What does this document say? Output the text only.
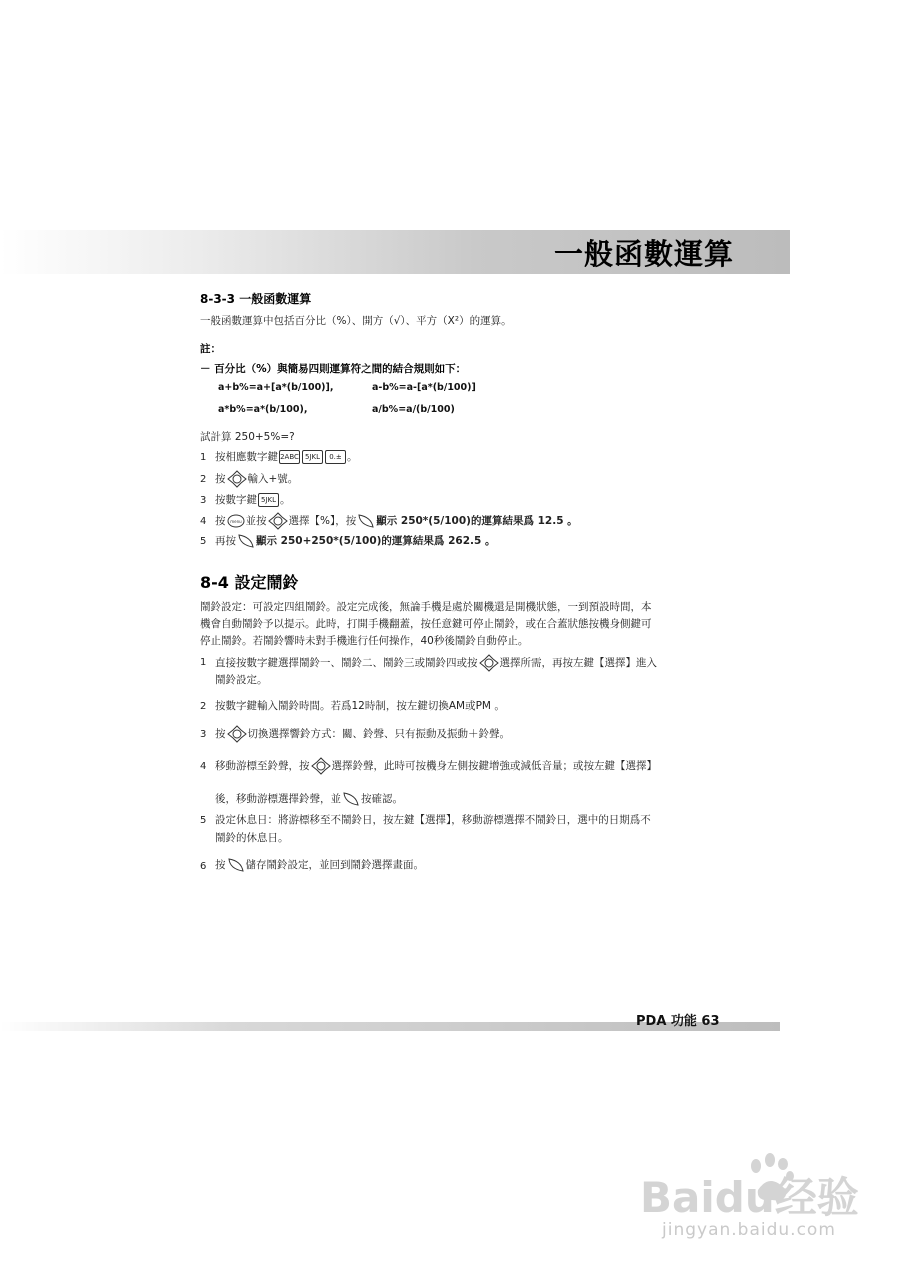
一般函數運算
8-3-3 一般函數運算
一般函數運算中包括百分比（%）、開方（√）、平方（X²）的運算。
註：
－ 百分比（%）與簡易四則運算符之間的結合規則如下：
a+b%=a+[a*(b/100)],	a-b%=a-[a*(b/100)]
a*b%=a*(b/100),	a/b%=a/(b/100)
試計算 250+5%=?
1 按相應數字鍵 2ABC 5JKL 0.± 。
2 按 輸入+號。
3 按數字鍵 5JKL 。
4 按 menu 並按 選擇【%】，按 顯示 250*(5/100)的運算結果爲 12.5 。
5 再按 顯示 250+250*(5/100)的運算結果爲 262.5 。
8-4 設定鬧鈴
鬧鈴設定：可設定四組鬧鈴。設定完成後，無論手機是處於關機還是開機狀態，一到預設時間，本
機會自動鬧鈴予以提示。此時，打開手機翻蓋，按任意鍵可停止鬧鈴，或在合蓋狀態按機身側鍵可
停止鬧鈴。若鬧鈴響時未對手機進行任何操作，40秒後鬧鈴自動停止。
1 直接按數字鍵選擇鬧鈴一、鬧鈴二、鬧鈴三或鬧鈴四或按 選擇所需，再按左鍵【選擇】進入
鬧鈴設定。
2 按數字鍵輸入鬧鈴時間。若爲12時制，按左鍵切換AM或PM 。
3 按 切換選擇響鈴方式：關、鈴聲、只有振動及振動＋鈴聲。
4 移動游標至鈴聲，按 選擇鈴聲，此時可按機身左側按鍵增強或減低音量；或按左鍵【選擇】
後，移動游標選擇鈴聲，並 按確認。
5 設定休息日：將游標移至不鬧鈴日，按左鍵【選擇】，移動游標選擇不鬧鈴日，選中的日期爲不
鬧鈴的休息日。
6 按 儲存鬧鈴設定，並回到鬧鈴選擇畫面。
PDA 功能 63
Baidu经验
jingyan.baidu.com
